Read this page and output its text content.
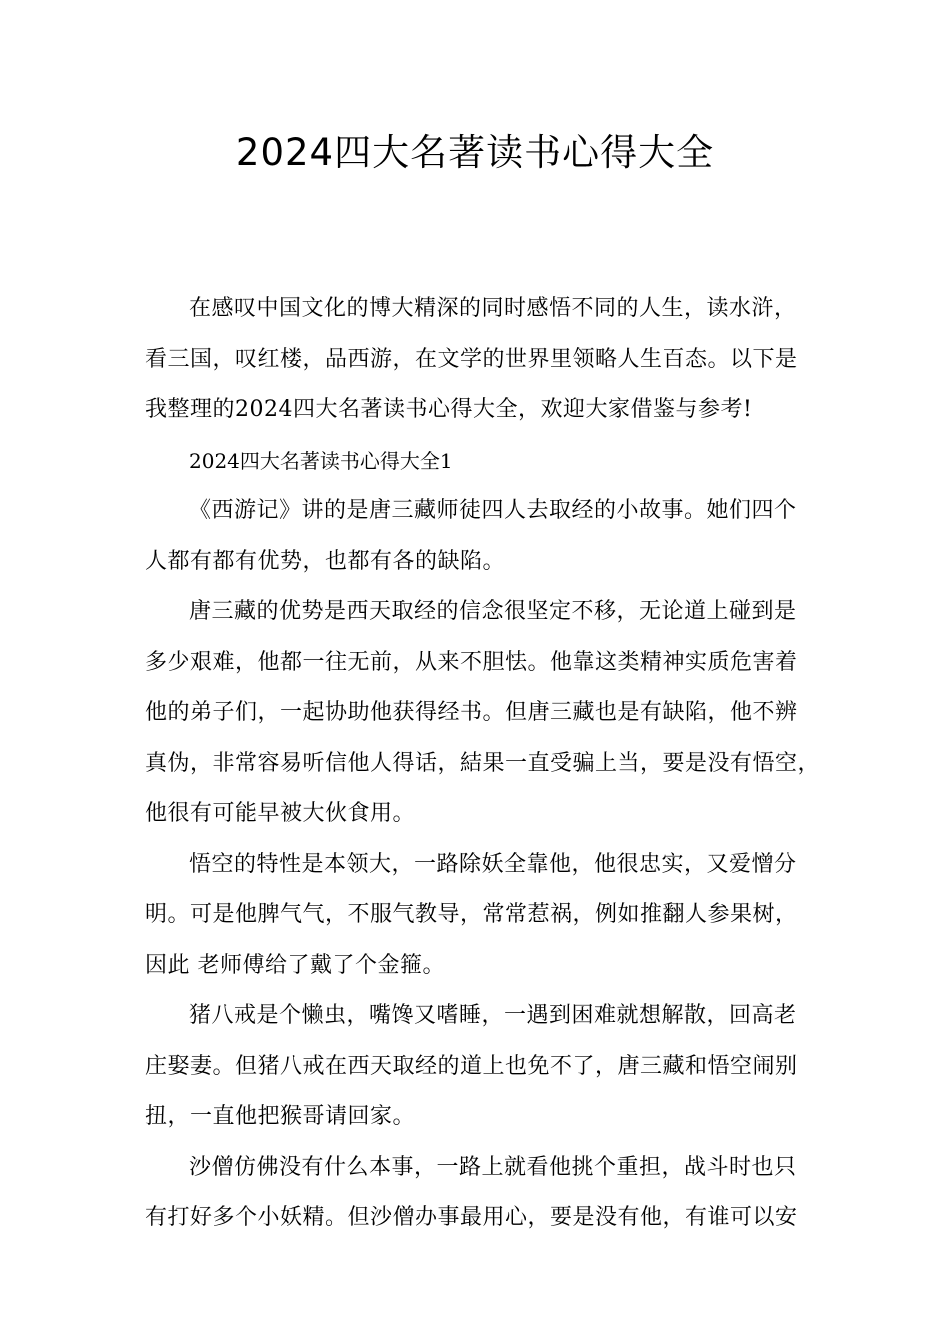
2024四大名著读书心得大全

在感叹中国文化的博大精深的同时感悟不同的人生，读水浒，
看三国，叹红楼，品西游，在文学的世界里领略人生百态。以下是
我整理的2024四大名著读书心得大全，欢迎大家借鉴与参考!

2024四大名著读书心得大全1

《西游记》讲的是唐三藏师徒四人去取经的小故事。她们四个
人都有都有优势，也都有各的缺陷。

唐三藏的优势是西天取经的信念很坚定不移，无论道上碰到是
多少艰难，他都一往无前，从来不胆怯。他靠这类精神实质危害着
他的弟子们，一起协助他获得经书。但唐三藏也是有缺陷，他不辨
真伪，非常容易听信他人得话，結果一直受骗上当，要是没有悟空，
他很有可能早被大伙食用。

悟空的特性是本领大，一路除妖全靠他，他很忠实，又爱憎分
明。可是他脾气气，不服气教导，常常惹祸，例如推翻人参果树，
因此 老师傅给了戴了个金箍。

猪八戒是个懒虫，嘴馋又嗜睡，一遇到困难就想解散，回高老
庄娶妻。但猪八戒在西天取经的道上也免不了，唐三藏和悟空闹别
扭，一直他把猴哥请回家。

沙僧仿佛没有什么本事，一路上就看他挑个重担，战斗时也只
有打好多个小妖精。但沙僧办事最用心，要是没有他，有谁可以安
